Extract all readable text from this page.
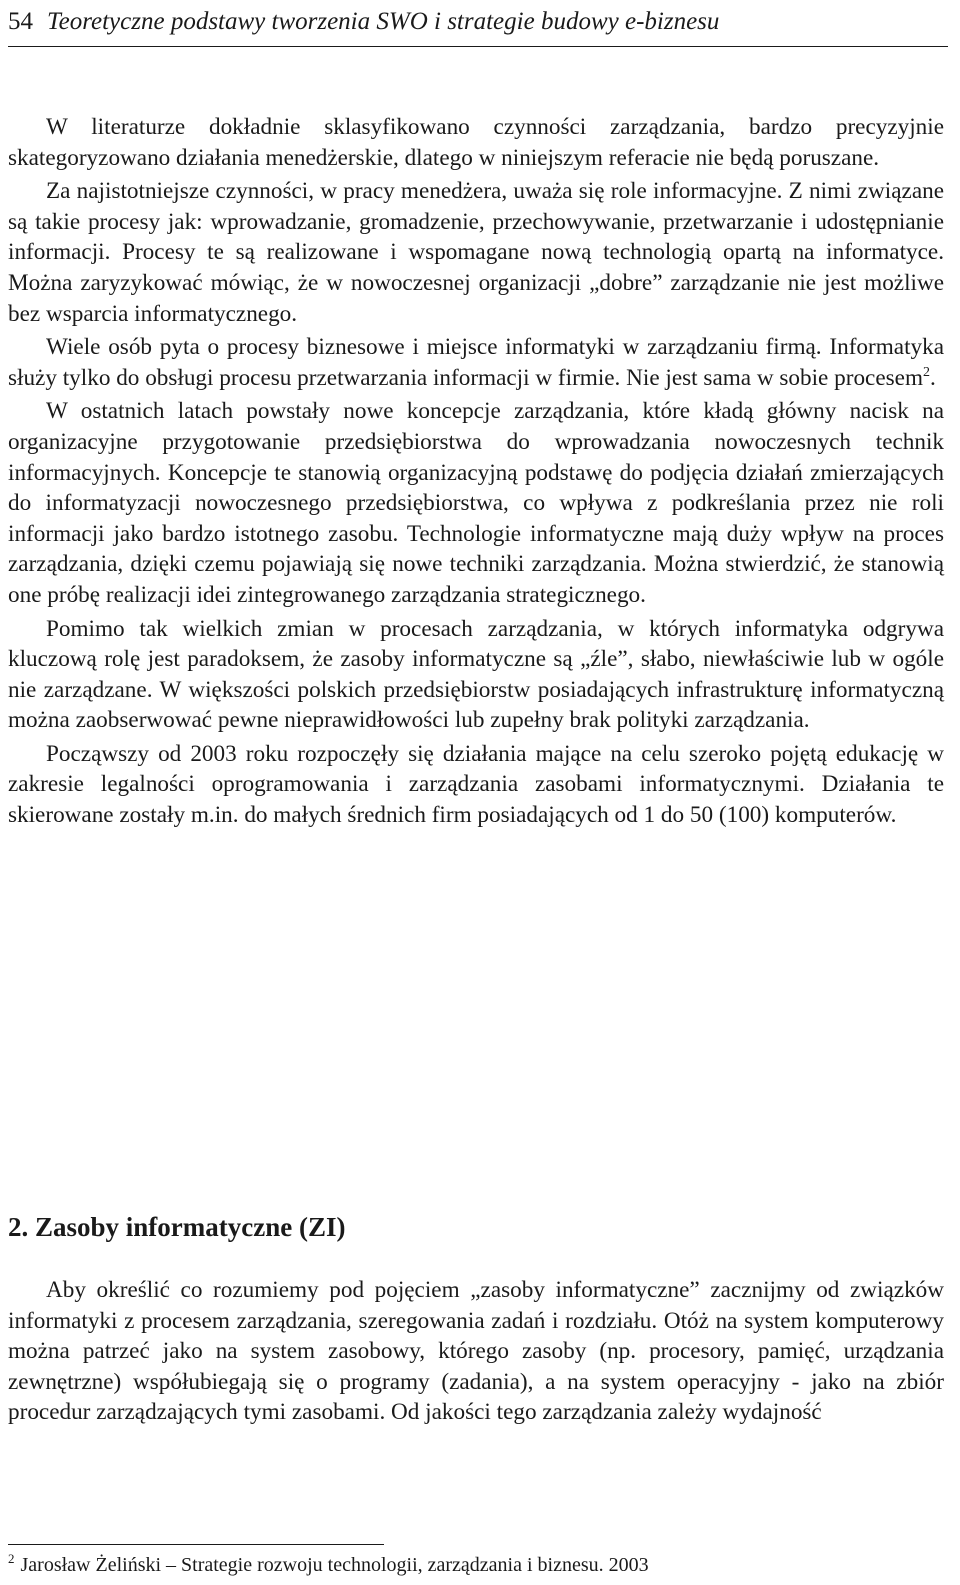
54 Teoretyczne podstawy tworzenia SWO i strategie budowy e-biznesu

W literaturze dokładnie sklasyfikowano czynności zarządzania, bardzo precyzyjnie skategoryzowano działania menedżerskie, dlatego w niniejszym referacie nie będą poruszane.

Za najistotniejsze czynności, w pracy menedżera, uważa się role informacyjne. Z nimi związane są takie procesy jak: wprowadzanie, gromadzenie, przechowywanie, przetwarzanie i udostępnianie informacji. Procesy te są realizowane i wspomagane nową technologią opartą na informatyce. Można zaryzykować mówiąc, że w nowoczesnej organizacji „dobre” zarządzanie nie jest możliwe bez wsparcia informatycznego.

Wiele osób pyta o procesy biznesowe i miejsce informatyki w zarządzaniu firmą. Informatyka służy tylko do obsługi procesu przetwarzania informacji w firmie. Nie jest sama w sobie procesem$^2$.

W ostatnich latach powstały nowe koncepcje zarządzania, które kładą główny nacisk na organizacyjne przygotowanie przedsiębiorstwa do wprowadzania nowoczesnych technik informacyjnych. Koncepcje te stanowią organizacyjną podstawę do podjęcia działań zmierzających do informatyzacji nowoczesnego przedsiębiorstwa, co wpływa z podkreślania przez nie roli informacji jako bardzo istotnego zasobu. Technologie informatyczne mają duży wpływ na proces zarządzania, dzięki czemu pojawiają się nowe techniki zarządzania. Można stwierdzić, że stanowią one próbę realizacji idei zintegrowanego zarządzania strategicznego.

Pomimo tak wielkich zmian w procesach zarządzania, w których informatyka odgrywa kluczową rolę jest paradoksem, że zasoby informatyczne są „źle”, słabo, niewłaściwie lub w ogóle nie zarządzane. W większości polskich przedsiębiorstw posiadających infrastrukturę informatyczną można zaobserwować pewne nieprawidłowości lub zupełny brak polityki zarządzania.

Począwszy od 2003 roku rozpoczęły się działania mające na celu szeroko pojętą edukację w zakresie legalności oprogramowania i zarządzania zasobami informatycznymi. Działania te skierowane zostały m.in. do małych średnich firm posiadających od 1 do 50 (100) komputerów.

2. Zasoby informatyczne (ZI)

Aby określić co rozumiemy pod pojęciem „zasoby informatyczne” zacznijmy od związków informatyki z procesem zarządzania, szeregowania zadań i rozdziału. Otóż na system komputerowy można patrzeć jako na system zasobowy, którego zasoby (np. procesory, pamięć, urządzania zewnętrzne) współubiegają się o programy (zadania), a na system operacyjny - jako na zbiór procedur zarządzających tymi zasobami. Od jakości tego zarządzania zależy wydajność

$^2$ Jarosław Żeliński – Strategie rozwoju technologii, zarządzania i biznesu. 2003
